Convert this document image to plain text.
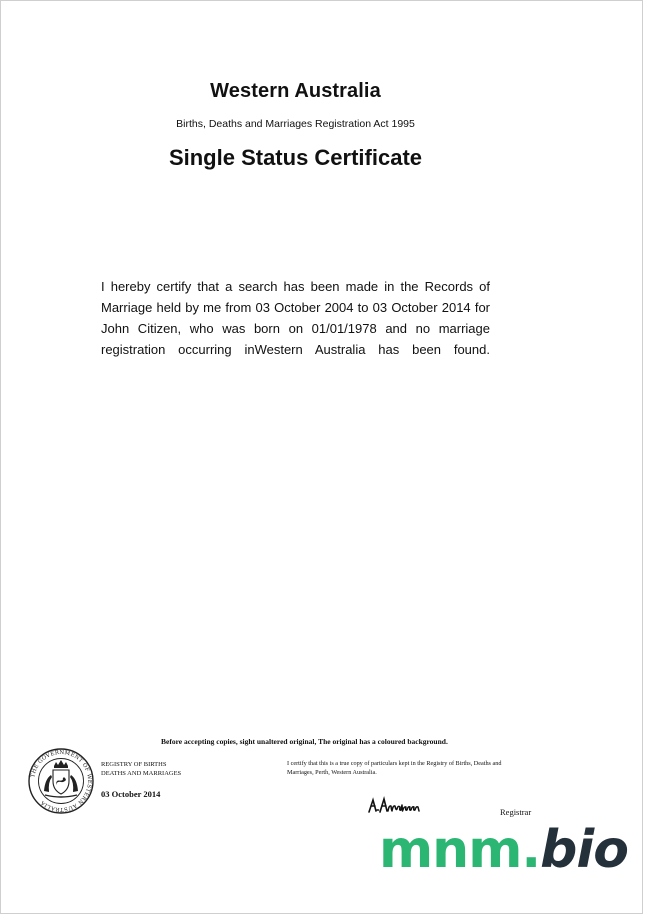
Western Australia
Births, Deaths and Marriages Registration Act 1995
Single Status Certificate
I hereby certify that a search has been made in the Records of Marriage held by me from 03 October 2004 to 03 October 2014 for John Citizen, who was born on 01/01/1978 and no marriage registration occurring inWestern Australia has been found.
Before accepting copies, sight unaltered original, The original has a coloured background.
THE GOVERNMENT OF WESTERN AUSTRALIA
REGISTRY OF BIRTHS
DEATHS AND MARRIAGES
03 October 2014
I certify that this is a true copy of particulars kept in the Registry of Births, Deaths and Marriages, Perth, Western Australia.
Registrar
mnm.bio
